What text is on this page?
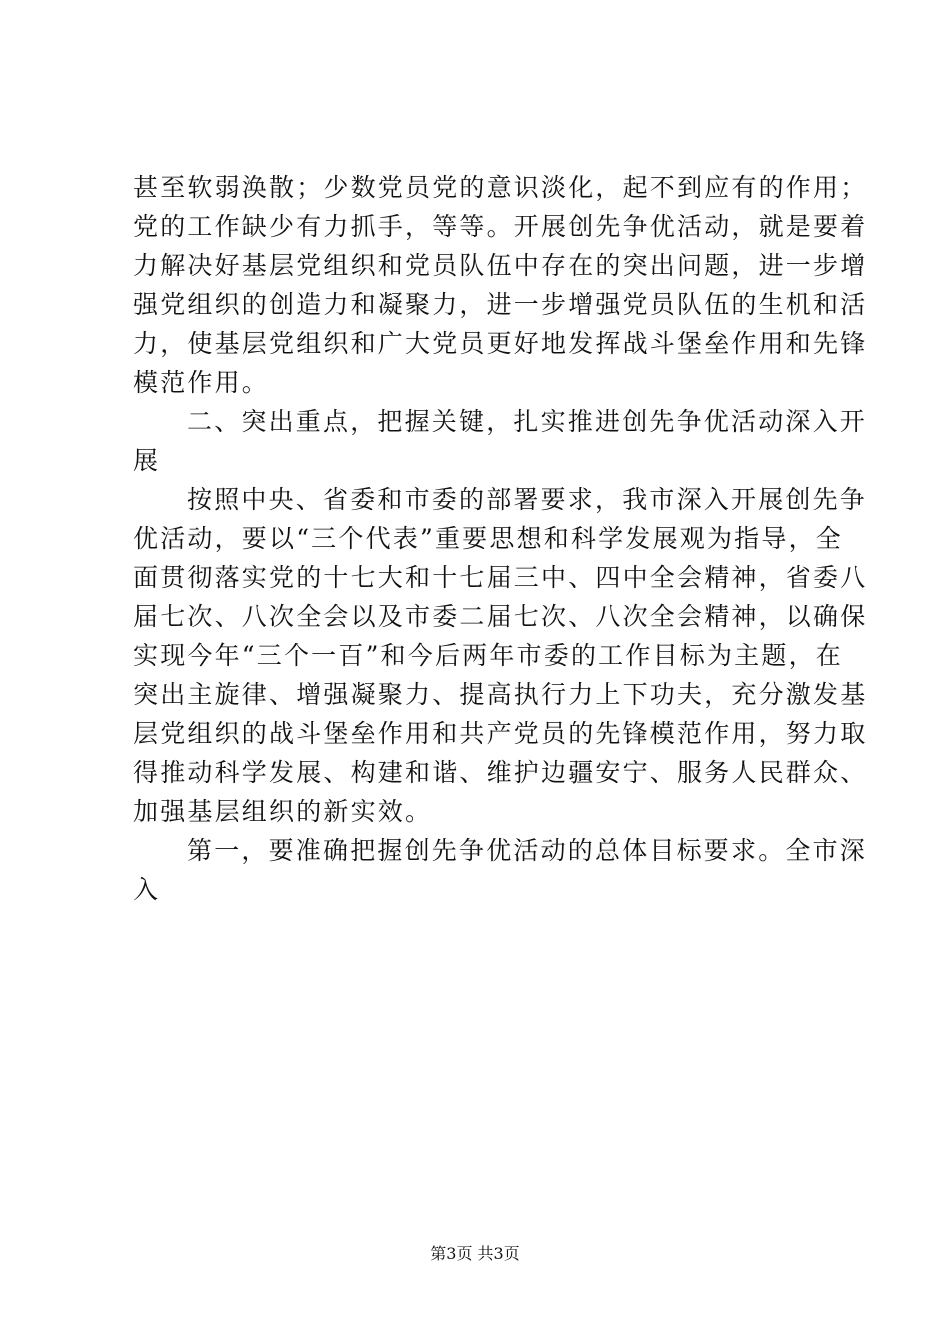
甚至软弱涣散；少数党员党的意识淡化，起不到应有的作用；
党的工作缺少有力抓手，等等。开展创先争优活动，就是要着
力解决好基层党组织和党员队伍中存在的突出问题，进一步增
强党组织的创造力和凝聚力，进一步增强党员队伍的生机和活
力，使基层党组织和广大党员更好地发挥战斗堡垒作用和先锋
模范作用。
二、突出重点，把握关键，扎实推进创先争优活动深入开
展
按照中央、省委和市委的部署要求，我市深入开展创先争
优活动，要以“三个代表”重要思想和科学发展观为指导，全
面贯彻落实党的十七大和十七届三中、四中全会精神，省委八
届七次、八次全会以及市委二届七次、八次全会精神，以确保
实现今年“三个一百”和今后两年市委的工作目标为主题，在
突出主旋律、增强凝聚力、提高执行力上下功夫，充分激发基
层党组织的战斗堡垒作用和共产党员的先锋模范作用，努力取
得推动科学发展、构建和谐、维护边疆安宁、服务人民群众、
加强基层组织的新实效。
第一，要准确把握创先争优活动的总体目标要求。全市深
入
第3页 共3页
